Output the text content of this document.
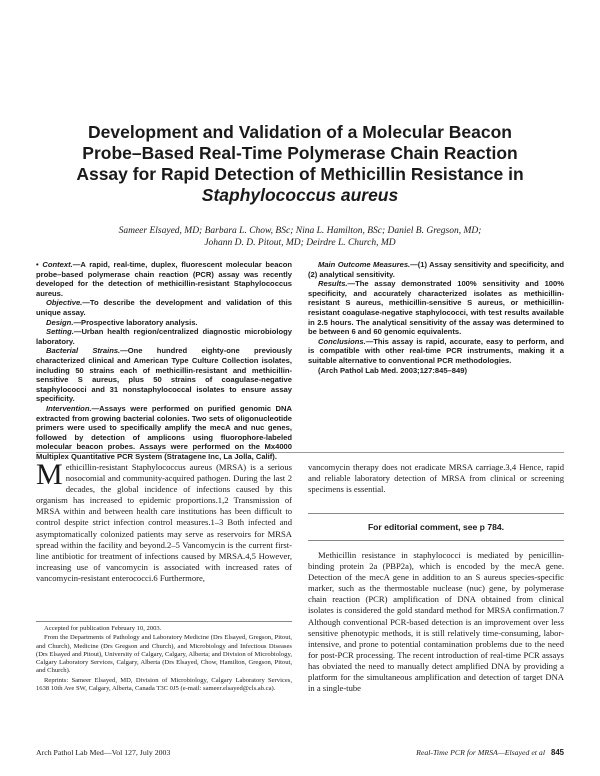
Development and Validation of a Molecular Beacon
Probe–Based Real-Time Polymerase Chain Reaction
Assay for Rapid Detection of Methicillin Resistance in
Staphylococcus aureus
Sameer Elsayed, MD; Barbara L. Chow, BSc; Nina L. Hamilton, BSc; Daniel B. Gregson, MD;
Johann D. D. Pitout, MD; Deirdre L. Church, MD

• Context.—A rapid, real-time, duplex, fluorescent molecular beacon probe–based polymerase chain reaction (PCR) assay was recently developed for the detection of methicillin-resistant Staphylococcus aureus.

Objective.—To describe the development and validation of this unique assay.

Design.—Prospective laboratory analysis.

Setting.—Urban health region/centralized diagnostic microbiology laboratory.

Bacterial Strains.—One hundred eighty-one previously characterized clinical and American Type Culture Collection isolates, including 50 strains each of methicillin-resistant and methicillin-sensitive S aureus, plus 50 strains of coagulase-negative staphylococci and 31 nonstaphylococcal isolates to ensure assay specificity.

Intervention.—Assays were performed on purified genomic DNA extracted from growing bacterial colonies. Two sets of oligonucleotide primers were used to specifically amplify the mecA and nuc genes, followed by detection of amplicons using fluorophore-labeled molecular beacon probes. Assays were performed on the Mx4000 Multiplex Quantitative PCR System (Stratagene Inc, La Jolla, Calif).

Main Outcome Measures.—(1) Assay sensitivity and specificity, and (2) analytical sensitivity.

Results.—The assay demonstrated 100% sensitivity and 100% specificity, and accurately characterized isolates as methicillin-resistant S aureus, methicillin-sensitive S aureus, or methicillin-resistant coagulase-negative staphylococci, with test results available in 2.5 hours. The analytical sensitivity of the assay was determined to be between 6 and 60 genomic equivalents.

Conclusions.—This assay is rapid, accurate, easy to perform, and is compatible with other real-time PCR instruments, making it a suitable alternative to conventional PCR methodologies.

(Arch Pathol Lab Med. 2003;127:845–849)

Methicillin-resistant Staphylococcus aureus (MRSA) is a serious nosocomial and community-acquired pathogen. During the last 2 decades, the global incidence of infections caused by this organism has increased to epidemic proportions.1,2 Transmission of MRSA within and between health care institutions has been difficult to control despite strict infection control measures.1–3 Both infected and asymptomatically colonized patients may serve as reservoirs for MRSA spread within the facility and beyond.2–5 Vancomycin is the current first-line antibiotic for treatment of infections caused by MRSA.4,5 However, increasing use of vancomycin is associated with increased rates of vancomycin-resistant enterococci.6 Furthermore,

vancomycin therapy does not eradicate MRSA carriage.3,4 Hence, rapid and reliable laboratory detection of MRSA from clinical or screening specimens is essential.

For editorial comment, see p 784.

Methicillin resistance in staphylococci is mediated by penicillin-binding protein 2a (PBP2a), which is encoded by the mecA gene. Detection of the mecA gene in addition to an S aureus species-specific marker, such as the thermostable nuclease (nuc) gene, by polymerase chain reaction (PCR) amplification of DNA obtained from clinical isolates is considered the gold standard method for MRSA confirmation.7 Although conventional PCR-based detection is an improvement over less sensitive phenotypic methods, it is still relatively time-consuming, labor-intensive, and prone to potential contamination problems due to the need for post-PCR processing. The recent introduction of real-time PCR assays has obviated the need to manually detect amplified DNA by providing a platform for the simultaneous amplification and detection of target DNA in a single-tube

Accepted for publication February 10, 2003.

From the Departments of Pathology and Laboratory Medicine (Drs Elsayed, Gregson, Pitout, and Church), Medicine (Drs Gregson and Church), and Microbiology and Infectious Diseases (Drs Elsayed and Pitout), University of Calgary, Calgary, Alberta; and Division of Microbiology, Calgary Laboratory Services, Calgary, Alberta (Drs Elsayed, Chow, Hamilton, Gregson, Pitout, and Church).

Reprints: Sameer Elsayed, MD, Division of Microbiology, Calgary Laboratory Services, 1638 10th Ave SW, Calgary, Alberta, Canada T3C 0J5 (e-mail: sameer.elsayed@cls.ab.ca).

Arch Pathol Lab Med—Vol 127, July 2003	Real-Time PCR for MRSA—Elsayed et al 845
